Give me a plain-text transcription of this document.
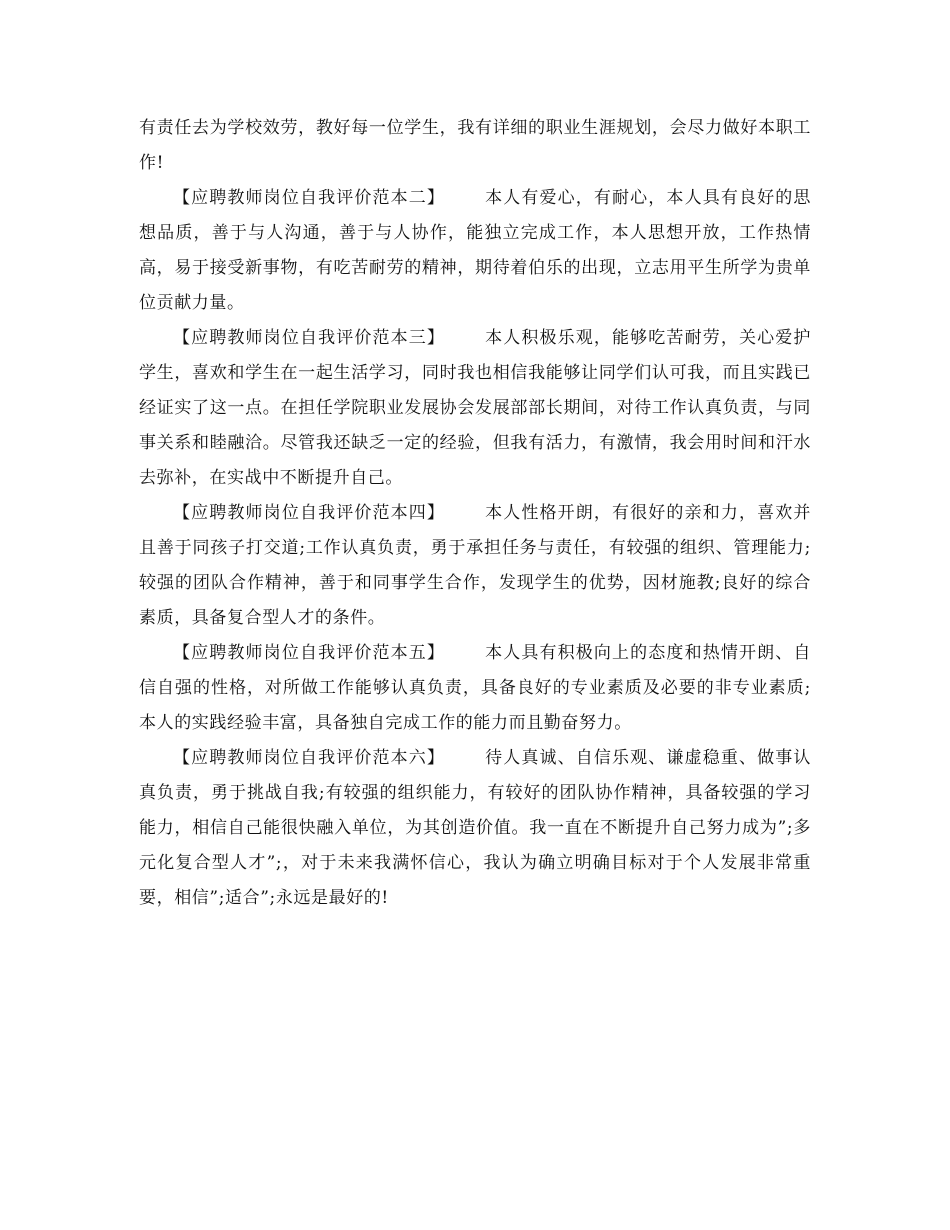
有责任去为学校效劳，教好每一位学生，我有详细的职业生涯规划，会尽力做好本职工作!

【应聘教师岗位自我评价范本二】 本人有爱心，有耐心，本人具有良好的思想品质，善于与人沟通，善于与人协作，能独立完成工作，本人思想开放，工作热情高，易于接受新事物，有吃苦耐劳的精神，期待着伯乐的出现，立志用平生所学为贵单位贡献力量。

【应聘教师岗位自我评价范本三】 本人积极乐观，能够吃苦耐劳，关心爱护学生，喜欢和学生在一起生活学习，同时我也相信我能够让同学们认可我，而且实践已经证实了这一点。在担任学院职业发展协会发展部部长期间，对待工作认真负责，与同事关系和睦融洽。尽管我还缺乏一定的经验，但我有活力，有激情，我会用时间和汗水去弥补，在实战中不断提升自己。

【应聘教师岗位自我评价范本四】 本人性格开朗，有很好的亲和力，喜欢并且善于同孩子打交道;工作认真负责，勇于承担任务与责任，有较强的组织、管理能力;较强的团队合作精神，善于和同事学生合作，发现学生的优势，因材施教;良好的综合素质，具备复合型人才的条件。

【应聘教师岗位自我评价范本五】 本人具有积极向上的态度和热情开朗、自信自强的性格，对所做工作能够认真负责，具备良好的专业素质及必要的非专业素质;本人的实践经验丰富，具备独自完成工作的能力而且勤奋努力。

【应聘教师岗位自我评价范本六】 待人真诚、自信乐观、谦虚稳重、做事认真负责，勇于挑战自我;有较强的组织能力，有较好的团队协作精神，具备较强的学习能力，相信自己能很快融入单位，为其创造价值。我一直在不断提升自己努力成为”;多元化复合型人才”;，对于未来我满怀信心，我认为确立明确目标对于个人发展非常重要，相信”;适合”;永远是最好的!
